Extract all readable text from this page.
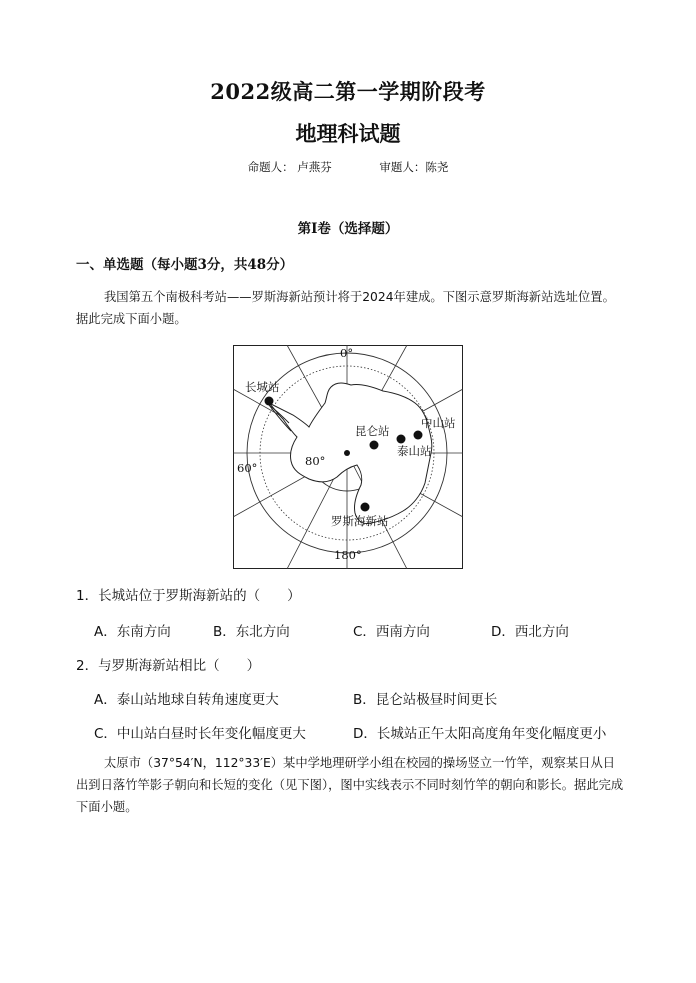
2022级高二第一学期阶段考
地理科试题
命题人： 卢燕芬	审题人：陈尧
第I卷（选择题）
一、单选题（每小题3分，共48分）
我国第五个南极科考站——罗斯海新站预计将于2024年建成。下图示意罗斯海新站选址位置。据此完成下面小题。
0°
180°
60°	80°
长城站
昆仑站
中山站
泰山站
罗斯海新站
1．长城站位于罗斯海新站的（　　）
A．东南方向	B．东北方向	C．西南方向	D．西北方向
2．与罗斯海新站相比（　　）
A．泰山站地球自转角速度更大	B．昆仑站极昼时间更长
C．中山站白昼时长年变化幅度更大	D．长城站正午太阳高度角年变化幅度更小
太原市（37°54′N，112°33′E）某中学地理研学小组在校园的操场竖立一竹竿，观察某日从日出到日落竹竿影子朝向和长短的变化（见下图），图中实线表示不同时刻竹竿的朝向和影长。据此完成下面小题。
